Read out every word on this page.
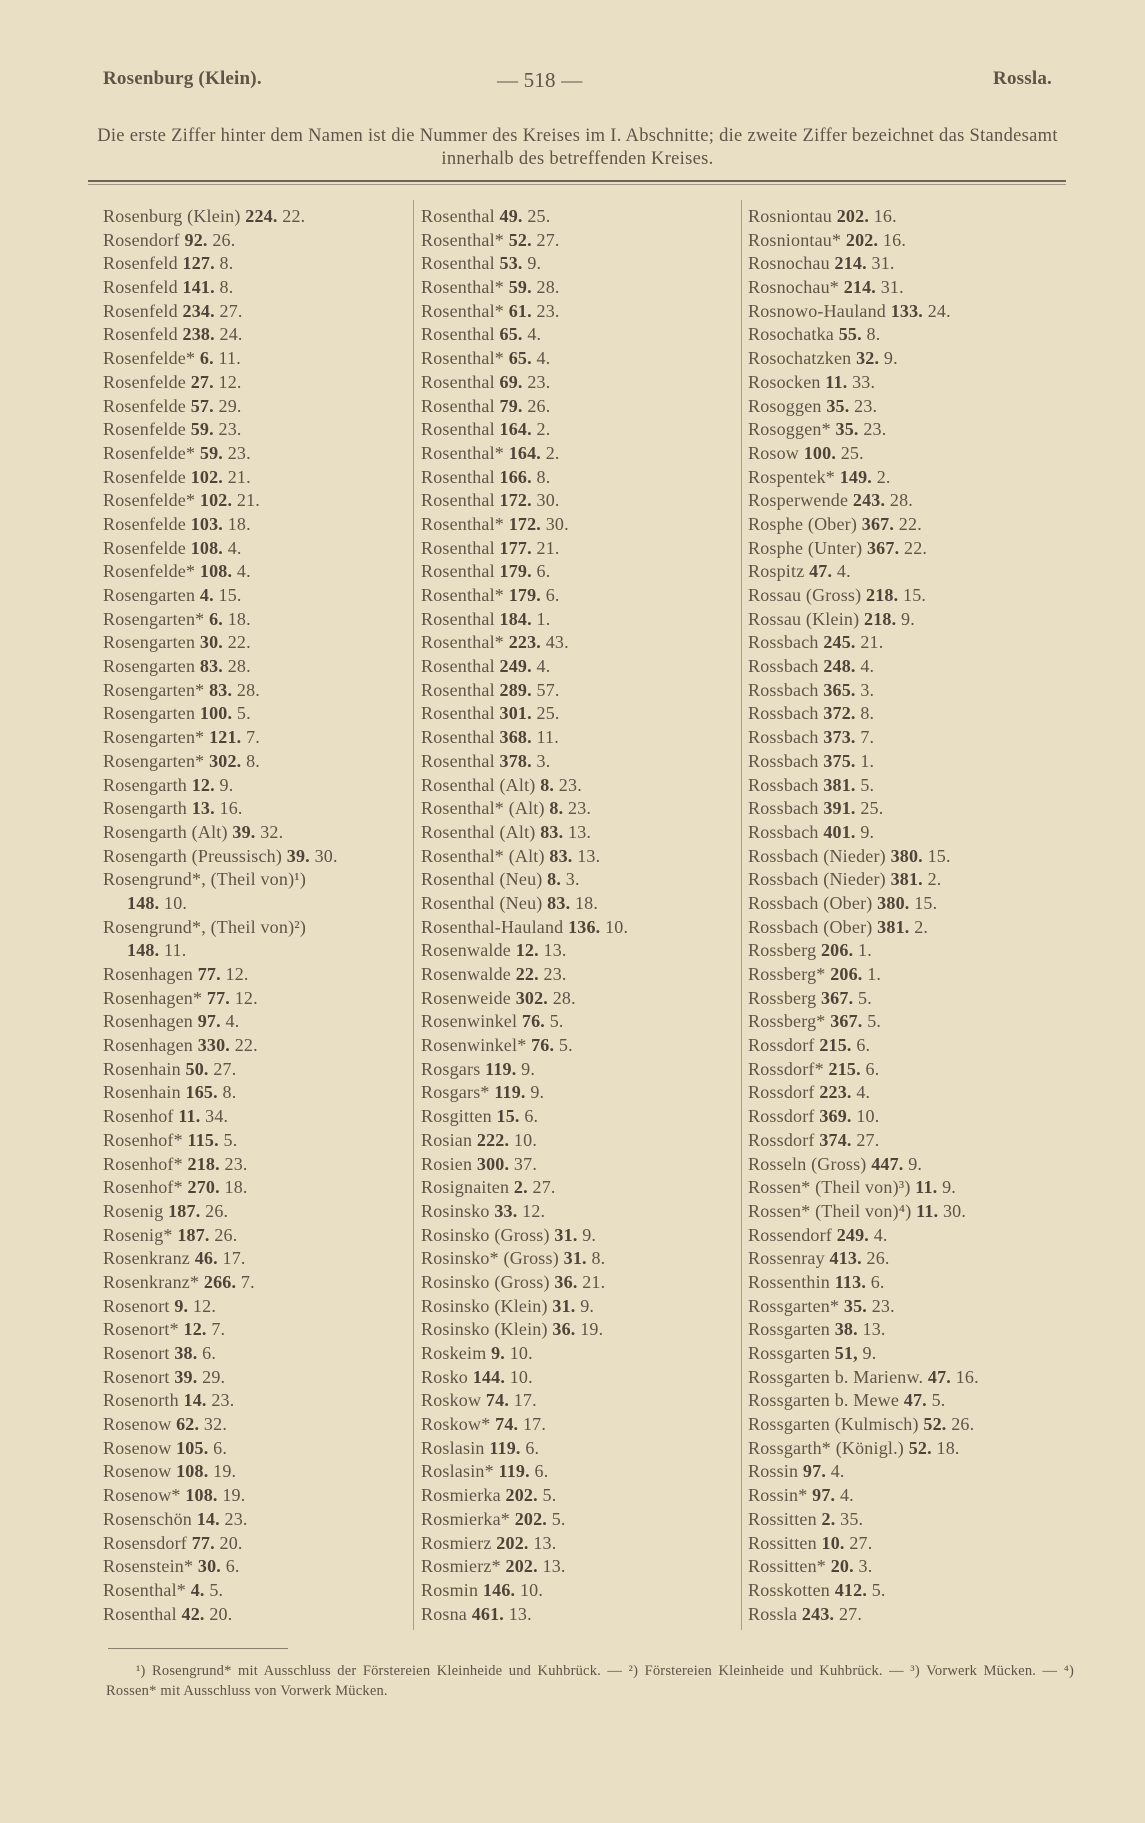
Rosenburg (Klein).	— 518 —	Rossla.
Die erste Ziffer hinter dem Namen ist die Nummer des Kreises im I. Abschnitte; die zweite Ziffer bezeichnet das Standesamt innerhalb des betreffenden Kreises.
Rosenburg (Klein) 224. 22.
Rosendorf 92. 26.
Rosenfeld 127. 8.
Rosenfeld 141. 8.
Rosenfeld 234. 27.
Rosenfeld 238. 24.
Rosenfelde* 6. 11.
Rosenfelde 27. 12.
Rosenfelde 57. 29.
Rosenfelde 59. 23.
Rosenfelde* 59. 23.
Rosenfelde 102. 21.
Rosenfelde* 102. 21.
Rosenfelde 103. 18.
Rosenfelde 108. 4.
Rosenfelde* 108. 4.
Rosengarten 4. 15.
Rosengarten* 6. 18.
Rosengarten 30. 22.
Rosengarten 83. 28.
Rosengarten* 83. 28.
Rosengarten 100. 5.
Rosengarten* 121. 7.
Rosengarten* 302. 8.
Rosengarth 12. 9.
Rosengarth 13. 16.
Rosengarth (Alt) 39. 32.
Rosengarth (Preussisch) 39. 30.
Rosengrund*, (Theil von)¹)
148. 10.
Rosengrund*, (Theil von)²)
148. 11.
Rosenhagen 77. 12.
Rosenhagen* 77. 12.
Rosenhagen 97. 4.
Rosenhagen 330. 22.
Rosenhain 50. 27.
Rosenhain 165. 8.
Rosenhof 11. 34.
Rosenhof* 115. 5.
Rosenhof* 218. 23.
Rosenhof* 270. 18.
Rosenig 187. 26.
Rosenig* 187. 26.
Rosenkranz 46. 17.
Rosenkranz* 266. 7.
Rosenort 9. 12.
Rosenort* 12. 7.
Rosenort 38. 6.
Rosenort 39. 29.
Rosenorth 14. 23.
Rosenow 62. 32.
Rosenow 105. 6.
Rosenow 108. 19.
Rosenow* 108. 19.
Rosenschön 14. 23.
Rosensdorf 77. 20.
Rosenstein* 30. 6.
Rosenthal* 4. 5.
Rosenthal 42. 20.
Rosenthal 49. 25.
Rosenthal* 52. 27.
Rosenthal 53. 9.
Rosenthal* 59. 28.
Rosenthal* 61. 23.
Rosenthal 65. 4.
Rosenthal* 65. 4.
Rosenthal 69. 23.
Rosenthal 79. 26.
Rosenthal 164. 2.
Rosenthal* 164. 2.
Rosenthal 166. 8.
Rosenthal 172. 30.
Rosenthal* 172. 30.
Rosenthal 177. 21.
Rosenthal 179. 6.
Rosenthal* 179. 6.
Rosenthal 184. 1.
Rosenthal* 223. 43.
Rosenthal 249. 4.
Rosenthal 289. 57.
Rosenthal 301. 25.
Rosenthal 368. 11.
Rosenthal 378. 3.
Rosenthal (Alt) 8. 23.
Rosenthal* (Alt) 8. 23.
Rosenthal (Alt) 83. 13.
Rosenthal* (Alt) 83. 13.
Rosenthal (Neu) 8. 3.
Rosenthal (Neu) 83. 18.
Rosenthal-Hauland 136. 10.
Rosenwalde 12. 13.
Rosenwalde 22. 23.
Rosenweide 302. 28.
Rosenwinkel 76. 5.
Rosenwinkel* 76. 5.
Rosgars 119. 9.
Rosgars* 119. 9.
Rosgitten 15. 6.
Rosian 222. 10.
Rosien 300. 37.
Rosignaiten 2. 27.
Rosinsko 33. 12.
Rosinsko (Gross) 31. 9.
Rosinsko* (Gross) 31. 8.
Rosinsko (Gross) 36. 21.
Rosinsko (Klein) 31. 9.
Rosinsko (Klein) 36. 19.
Roskeim 9. 10.
Rosko 144. 10.
Roskow 74. 17.
Roskow* 74. 17.
Roslasin 119. 6.
Roslasin* 119. 6.
Rosmierka 202. 5.
Rosmierka* 202. 5.
Rosmierz 202. 13.
Rosmierz* 202. 13.
Rosmin 146. 10.
Rosna 461. 13.
Rosniontau 202. 16.
Rosniontau* 202. 16.
Rosnochau 214. 31.
Rosnochau* 214. 31.
Rosnowo-Hauland 133. 24.
Rosochatka 55. 8.
Rosochatzken 32. 9.
Rosocken 11. 33.
Rosoggen 35. 23.
Rosoggen* 35. 23.
Rosow 100. 25.
Rospentek* 149. 2.
Rosperwende 243. 28.
Rosphe (Ober) 367. 22.
Rosphe (Unter) 367. 22.
Rospitz 47. 4.
Rossau (Gross) 218. 15.
Rossau (Klein) 218. 9.
Rossbach 245. 21.
Rossbach 248. 4.
Rossbach 365. 3.
Rossbach 372. 8.
Rossbach 373. 7.
Rossbach 375. 1.
Rossbach 381. 5.
Rossbach 391. 25.
Rossbach 401. 9.
Rossbach (Nieder) 380. 15.
Rossbach (Nieder) 381. 2.
Rossbach (Ober) 380. 15.
Rossbach (Ober) 381. 2.
Rossberg 206. 1.
Rossberg* 206. 1.
Rossberg 367. 5.
Rossberg* 367. 5.
Rossdorf 215. 6.
Rossdorf* 215. 6.
Rossdorf 223. 4.
Rossdorf 369. 10.
Rossdorf 374. 27.
Rosseln (Gross) 447. 9.
Rossen* (Theil von)³) 11. 9.
Rossen* (Theil von)⁴) 11. 30.
Rossendorf 249. 4.
Rossenray 413. 26.
Rossenthin 113. 6.
Rossgarten* 35. 23.
Rossgarten 38. 13.
Rossgarten 51, 9.
Rossgarten b. Marienw. 47. 16.
Rossgarten b. Mewe 47. 5.
Rossgarten (Kulmisch) 52. 26.
Rossgarth* (Königl.) 52. 18.
Rossin 97. 4.
Rossin* 97. 4.
Rossitten 2. 35.
Rossitten 10. 27.
Rossitten* 20. 3.
Rosskotten 412. 5.
Rossla 243. 27.
¹) Rosengrund* mit Ausschluss der Förstereien Kleinheide und Kuhbrück. — ²) Förstereien Kleinheide und Kuhbrück. — ³) Vorwerk Mücken. — ⁴) Rossen* mit Ausschluss von Vorwerk Mücken.
